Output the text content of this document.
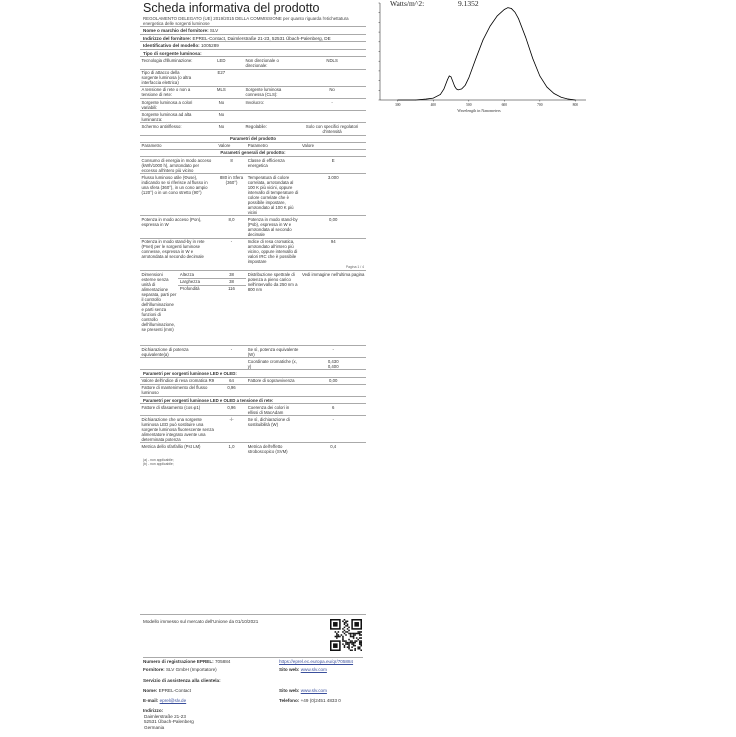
Scheda informativa del prodotto
REGOLAMENTO DELEGATO (UE) 2019/2015 DELLA COMMISSIONE per quanto riguarda l'etichettatura energetica delle sorgenti luminose
Nome o marchio del fornitore: SLV
Indirizzo del fornitore: EPREL-Contact, Daimlerstraße 21-23, 52531 Übach-Palenberg, DE
Identificativo del modello: 1005289
Tipo di sorgente luminosa:
Tecnologia d'illuminazione:	LED	Non direzionale o direzionale:	NDLS
Tipo di attacco della sorgente luminosa (o altra interfaccia elettrica)	E27		
A tensione di rete o non a tensione di rete:	MLS	Sorgente luminosa connessa (CLS):	No
Sorgente luminosa a colori variabili:	No	Involucro:	-
Sorgente luminosa ad alta luminanza:	No		
Schermo antiriflesso:	No	Regolabile:	Solo con specifici regolatori d'intensità
Parametri del prodotto			
Parametro	Valore	Parametro	Valore
Parametri generali del prodotto:			
Consumo di energia in modo acceso (kWh/1000 h), arrotondato per eccesso all'intero più vicino	8	Classe di efficienza energetica	E
Flusso luminoso utile (Φuse), indicando se si riferisce al flusso in una sfera (360°), in un cono ampio (120°) o in un cono stretto (90°)	880 in Sfera (360°)	Temperatura di colore correlata, arrotondata al 100 K più vicini, oppure intervallo di temperature di colore correlate che è possibile impostare, arrotondato al 100 K più vicini	3.000
Potenza in modo acceso (Pon), espressa in W	8,0	Potenza in modo stand-by (Psb), espressa in W e arrotondata al secondo decimale	0,00
Potenza in modo stand-by in rete (Pnet) per le sorgenti luminose connesse, espressa in W e arrotondata al secondo decimale	-	Indice di resa cromatica, arrotondato all'intero più vicino, oppure intervallo di valori IRC che è possibile impostare	94
Pagina 1 / 4
Dimensioni esterne senza unità di alimentazione separata, parti per il controllo dell'illuminazione e parti senza funzioni di controllo dell'illuminazione, se presenti (mm)	Altezza	38	Distribuzione spettrale di potenza a pieno carico nell'intervallo da 250 nm a 800 nm	Vedi immagine nell'ultima pagina
	Larghezza	38		
	Profondità	116		
Dichiarazione di potenza equivalente(a)	-	Se sì, potenza equivalente (W)	-
		Coordinate cromatiche (x, y)	0,430
0,400
Parametri per sorgenti luminose LED e OLED:			
Valore dell'indice di resa cromatica R9	64	Fattore di sopravvivenza	0,00
Fattore di mantenimento del flusso luminoso	0,96		
Parametri per sorgenti luminose LED e OLED a tensione di rete:			
Fattore di sfasamento (cos φ1)	0,96	Coerenza dei colori in ellissi di MacAdam	6
Dichiarazione che una sorgente luminosa LED può sostituire una sorgente luminosa fluorescente senza alimentatore integrato avente una determinata potenza	-/-	Se sì, dichiarazione di sostituibilità (W)	-
Metrica dello sfarfallio (Pst LM)	1,0	Metrica dell'effetto stroboscopico (SVM)	0,4
(a) - non applicabile;
(b) - non applicabile;
Modello immesso sul mercato dell'Unione da 01/10/2021
Numero di registrazione EPREL: 705884	https://eprel.ec.europa.eu/qr/705884
Fornitore: SLV GmbH (Importatore)	Sito web: www.slv.com
Servizio di assistenza alla clientela:
Nome: EPREL-Contact	Sito web: www.slv.com
E-mail: eprel@slv.de	Telefono: +49 (0)2451 4833 0
Indirizzo:
Daimlerstraße 21-23
52531 Übach-Palenberg
Germania
Watts/m^2:	9.1352
Wavelength in Nanometers
300	400	500	600	700	800
